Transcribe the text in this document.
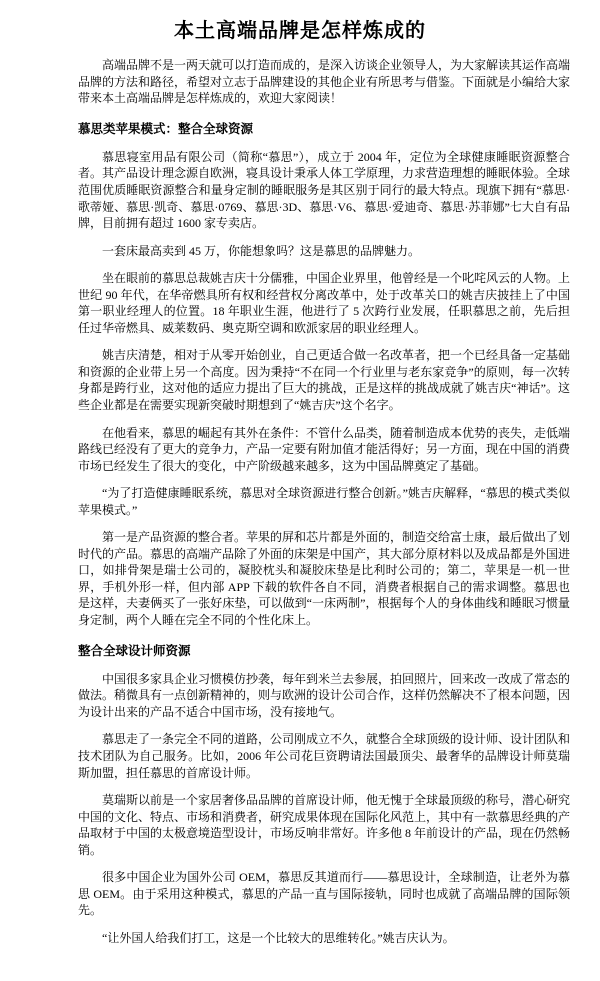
本土高端品牌是怎样炼成的

高端品牌不是一两天就可以打造而成的，是深入访谈企业领导人，为大家解读其运作高端品牌的方法和路径，希望对立志于品牌建设的其他企业有所思考与借鉴。下面就是小编给大家带来本土高端品牌是怎样炼成的，欢迎大家阅读！

慕思类苹果模式：整合全球资源

慕思寝室用品有限公司（简称“慕思”），成立于 2004 年，定位为全球健康睡眠资源整合者。其产品设计理念源自欧洲，寝具设计秉承人体工学原理，力求营造理想的睡眠体验。全球范围优质睡眠资源整合和量身定制的睡眠服务是其区别于同行的最大特点。现旗下拥有“慕思·歌蒂娅、慕思·凯奇、慕思·0769、慕思·3D、慕思·V6、慕思·爱迪奇、慕思·苏菲娜”七大自有品牌，目前拥有超过 1600 家专卖店。

一套床最高卖到 45 万，你能想象吗？这是慕思的品牌魅力。

坐在眼前的慕思总裁姚吉庆十分儒雅，中国企业界里，他曾经是一个叱咤风云的人物。上世纪 90 年代，在华帝燃具所有权和经营权分离改革中，处于改革关口的姚吉庆披挂上了中国第一职业经理人的位置。18 年职业生涯，他进行了 5 次跨行业发展，任职慕思之前，先后担任过华帝燃具、威莱数码、奥克斯空调和欧派家居的职业经理人。

姚吉庆清楚，相对于从零开始创业，自己更适合做一名改革者，把一个已经具备一定基础和资源的企业带上另一个高度。因为秉持“不在同一个行业里与老东家竞争”的原则，每一次转身都是跨行业，这对他的适应力提出了巨大的挑战，正是这样的挑战成就了姚吉庆“神话”。这些企业都是在需要实现新突破时期想到了“姚吉庆”这个名字。

在他看来，慕思的崛起有其外在条件：不管什么品类，随着制造成本优势的丧失，走低端路线已经没有了更大的竞争力，产品一定要有附加值才能活得好；另一方面，现在中国的消费市场已经发生了很大的变化，中产阶级越来越多，这为中国品牌奠定了基础。

“为了打造健康睡眠系统，慕思对全球资源进行整合创新。”姚吉庆解释，“慕思的模式类似苹果模式。”

第一是产品资源的整合者。苹果的屏和芯片都是外面的，制造交给富士康，最后做出了划时代的产品。慕思的高端产品除了外面的床架是中国产，其大部分原材料以及成品都是外国进口，如排骨架是瑞士公司的，凝胶枕头和凝胶床垫是比利时公司的；第二，苹果是一机一世界，手机外形一样，但内部 APP 下载的软件各自不同，消费者根据自己的需求调整。慕思也是这样，夫妻俩买了一张好床垫，可以做到“一床两制”，根据每个人的身体曲线和睡眠习惯量身定制，两个人睡在完全不同的个性化床上。

整合全球设计师资源

中国很多家具企业习惯模仿抄袭，每年到米兰去参展，拍回照片，回来改一改成了常态的做法。稍微具有一点创新精神的，则与欧洲的设计公司合作，这样仍然解决不了根本问题，因为设计出来的产品不适合中国市场，没有接地气。

慕思走了一条完全不同的道路，公司刚成立不久，就整合全球顶级的设计师、设计团队和技术团队为自己服务。比如，2006 年公司花巨资聘请法国最顶尖、最奢华的品牌设计师莫瑞斯加盟，担任慕思的首席设计师。

莫瑞斯以前是一个家居奢侈品品牌的首席设计师，他无愧于全球最顶级的称号，潜心研究中国的文化、特点、市场和消费者，研究成果体现在国际化风范上，其中有一款慕思经典的产品取材于中国的太极意境造型设计，市场反响非常好。许多他 8 年前设计的产品，现在仍然畅销。

很多中国企业为国外公司 OEM，慕思反其道而行——慕思设计，全球制造，让老外为慕思 OEM。由于采用这种模式，慕思的产品一直与国际接轨，同时也成就了高端品牌的国际领先。

“让外国人给我们打工，这是一个比较大的思维转化。”姚吉庆认为。
